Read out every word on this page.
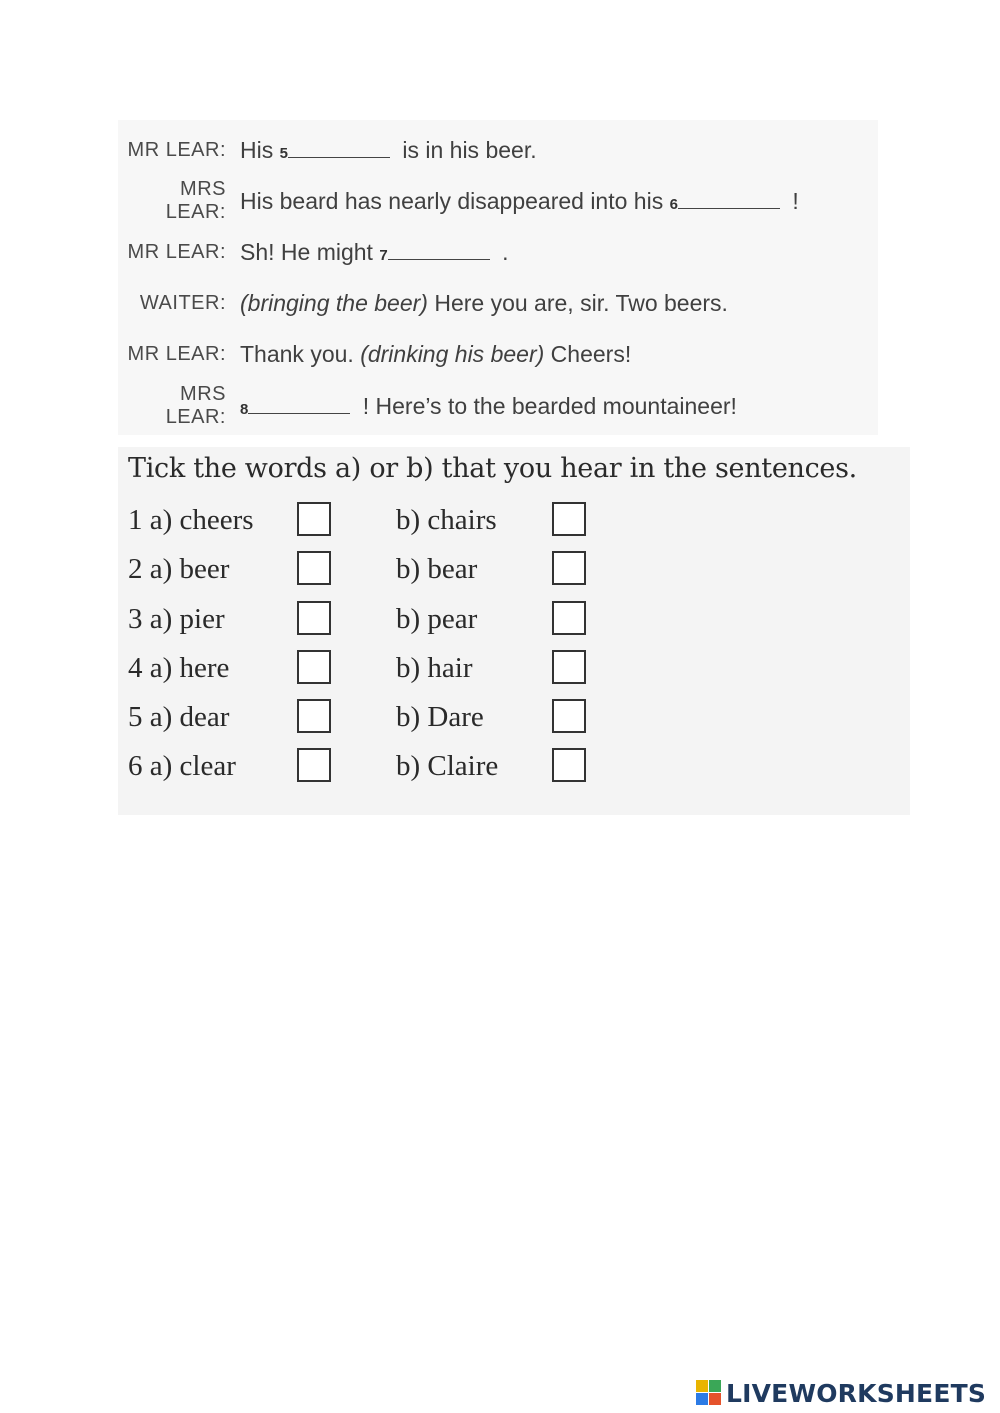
MR LEAR: His 5	is in his beer.
MRS LEAR: His beard has nearly disappeared into his 6	!
MR LEAR: Sh! He might 7	.
WAITER: (bringing the beer) Here you are, sir. Two beers.
MR LEAR: Thank you. (drinking his beer) Cheers!
MRS LEAR: 8	! Here’s to the bearded mountaineer!
Tick the words a) or b) that you hear in the sentences.
1 a) cheers	b) chairs
2 a) beer	b) bear
3 a) pier	b) pear
4 a) here	b) hair
5 a) dear	b) Dare
6 a) clear	b) Claire
LIVEWORKSHEETS
